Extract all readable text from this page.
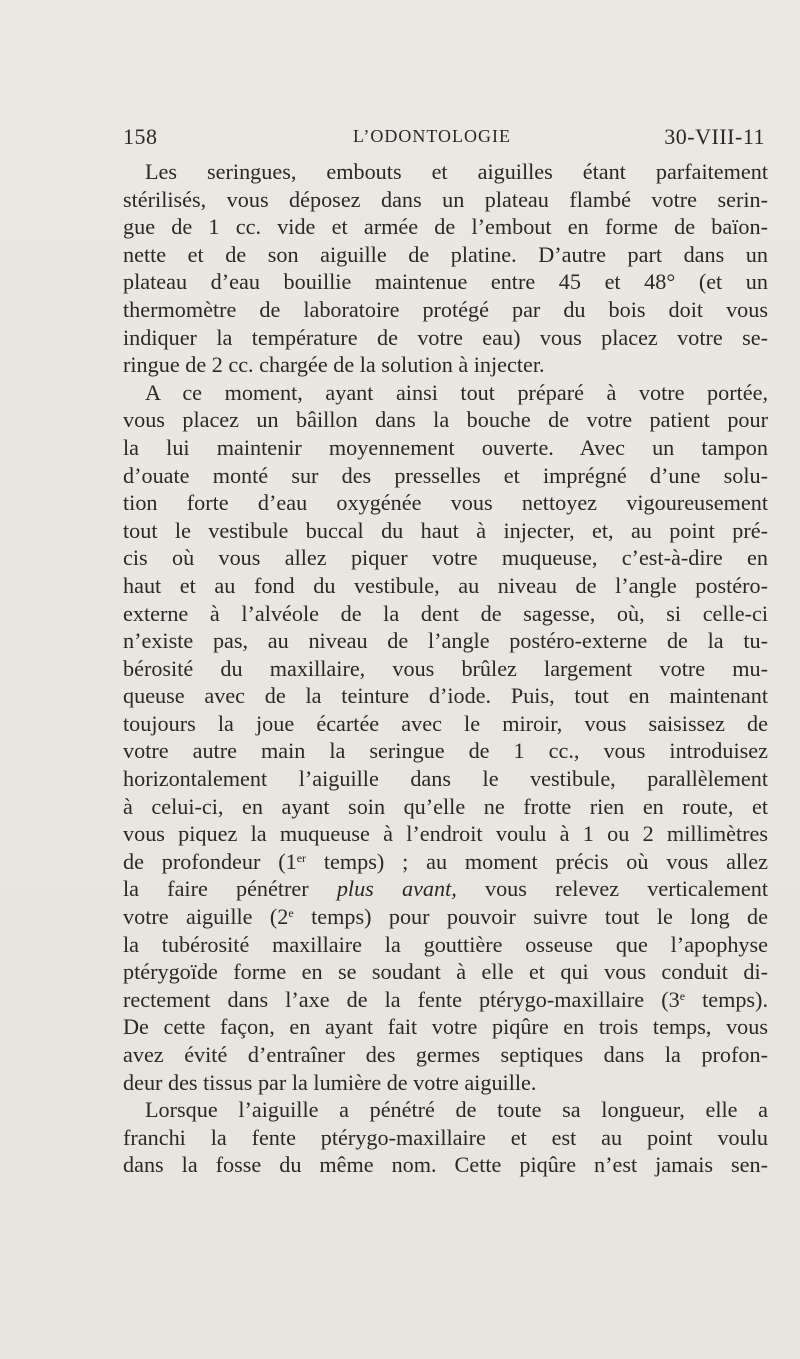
158	L’ODONTOLOGIE	30-VIII-11
Les seringues, embouts et aiguilles étant parfaitement
stérilisés, vous déposez dans un plateau flambé votre serin-
gue de 1 cc. vide et armée de l’embout en forme de baïon-
nette et de son aiguille de platine. D’autre part dans un
plateau d’eau bouillie maintenue entre 45 et 48° (et un
thermomètre de laboratoire protégé par du bois doit vous
indiquer la température de votre eau) vous placez votre se-
ringue de 2 cc. chargée de la solution à injecter.
A ce moment, ayant ainsi tout préparé à votre portée,
vous placez un bâillon dans la bouche de votre patient pour
la lui maintenir moyennement ouverte. Avec un tampon
d’ouate monté sur des presselles et imprégné d’une solu-
tion forte d’eau oxygénée vous nettoyez vigoureusement
tout le vestibule buccal du haut à injecter, et, au point pré-
cis où vous allez piquer votre muqueuse, c’est-à-dire en
haut et au fond du vestibule, au niveau de l’angle postéro-
externe à l’alvéole de la dent de sagesse, où, si celle-ci
n’existe pas, au niveau de l’angle postéro-externe de la tu-
bérosité du maxillaire, vous brûlez largement votre mu-
queuse avec de la teinture d’iode. Puis, tout en maintenant
toujours la joue écartée avec le miroir, vous saisissez de
votre autre main la seringue de 1 cc., vous introduisez
horizontalement l’aiguille dans le vestibule, parallèlement
à celui-ci, en ayant soin qu’elle ne frotte rien en route, et
vous piquez la muqueuse à l’endroit voulu à 1 ou 2 millimètres
de profondeur (1er temps) ; au moment précis où vous allez
la faire pénétrer plus avant, vous relevez verticalement
votre aiguille (2e temps) pour pouvoir suivre tout le long de
la tubérosité maxillaire la gouttière osseuse que l’apophyse
ptérygoïde forme en se soudant à elle et qui vous conduit di-
rectement dans l’axe de la fente ptérygo-maxillaire (3e temps).
De cette façon, en ayant fait votre piqûre en trois temps, vous
avez évité d’entraîner des germes septiques dans la profon-
deur des tissus par la lumière de votre aiguille.
Lorsque l’aiguille a pénétré de toute sa longueur, elle a
franchi la fente ptérygo-maxillaire et est au point voulu
dans la fosse du même nom. Cette piqûre n’est jamais sen-
